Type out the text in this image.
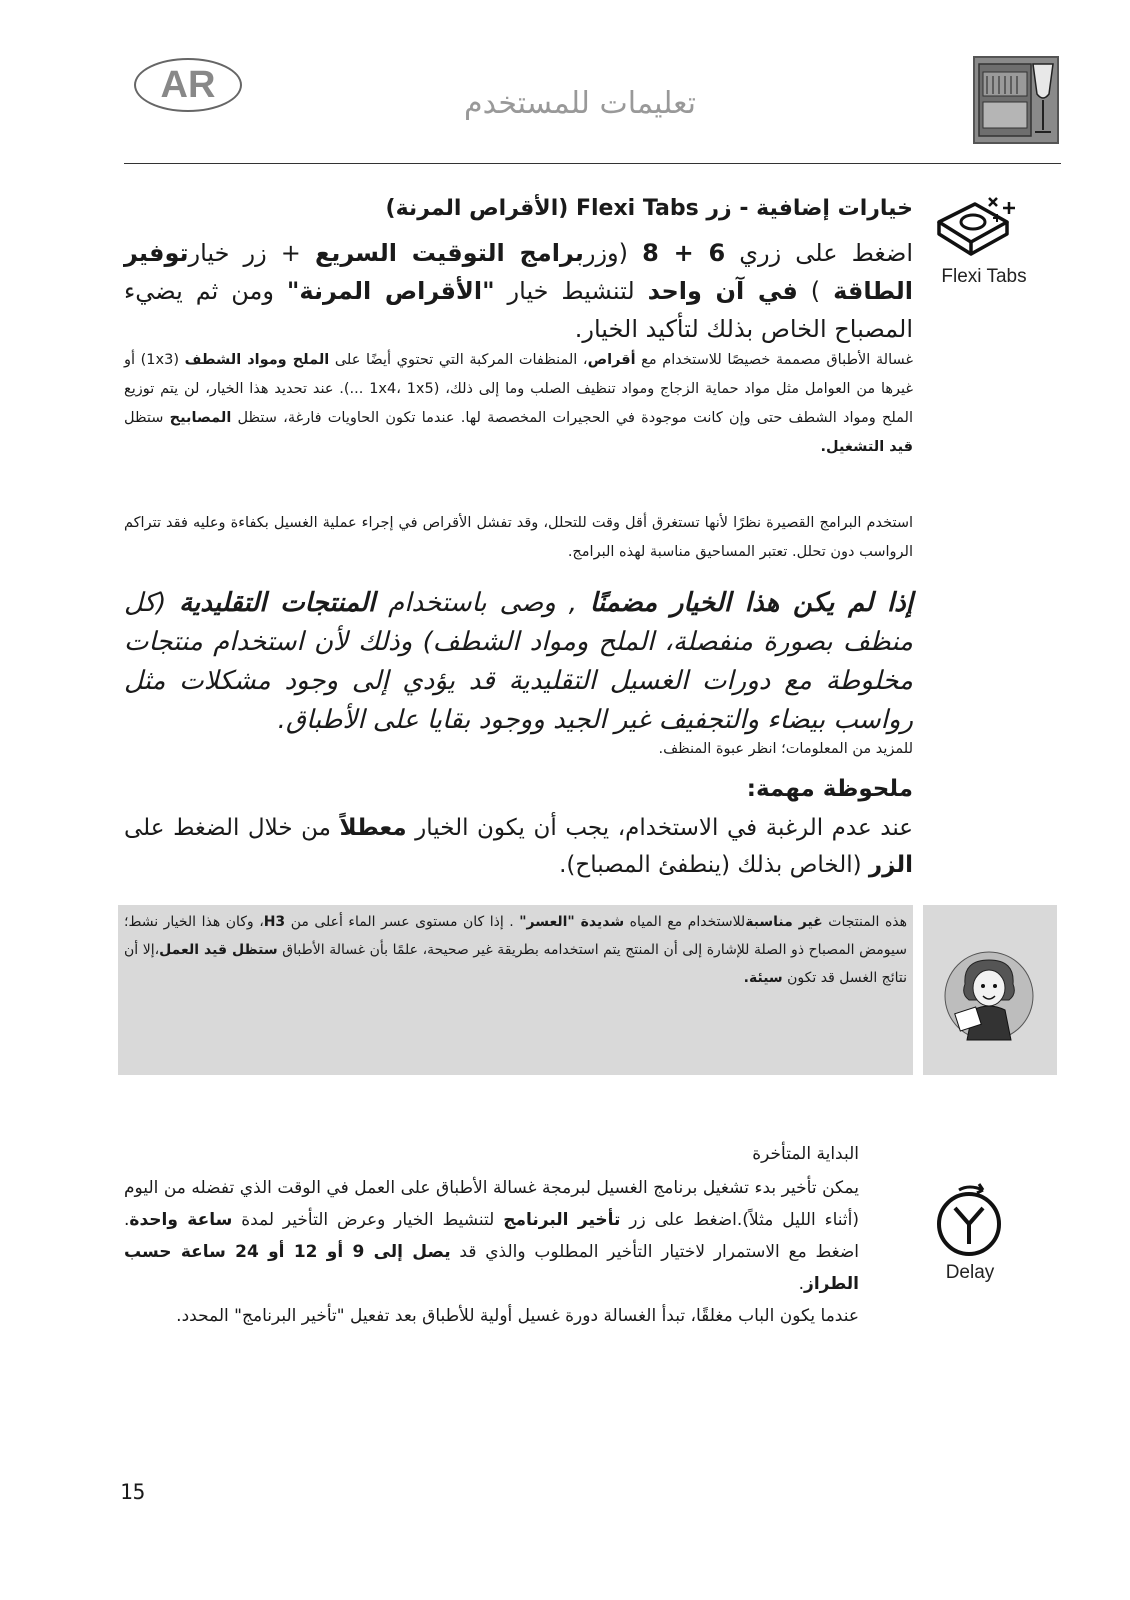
AR	تعليمات للمستخدم
Flexi Tabs
خيارات إضافية - زر Flexi Tabs (الأقراص المرنة)
اضغط على زري 6 + 8 (وزربرامج التوقيت السريع + زر خيارتوفير الطاقة ) في آن واحد لتنشيط خيار "الأقراص المرنة" ومن ثم يضيء المصباح الخاص بذلك لتأكيد الخيار.
غسالة الأطباق مصممة خصيصًا للاستخدام مع أقراص، المنظفات المركبة التي تحتوي أيضًا على الملح ومواد الشطف (1x3) أو غيرها من العوامل مثل مواد حماية الزجاج ومواد تنظيف الصلب وما إلى ذلك، (1x4، 1x5 ...). عند تحديد هذا الخيار، لن يتم توزيع الملح ومواد الشطف حتى وإن كانت موجودة في الحجيرات المخصصة لها. عندما تكون الحاويات فارغة، ستظل المصابيح ستظل قيد التشغيل.
استخدم البرامج القصيرة نظرًا لأنها تستغرق أقل وقت للتحلل، وقد تفشل الأقراص في إجراء عملية الغسيل بكفاءة وعليه فقد تتراكم الرواسب دون تحلل. تعتبر المساحيق مناسبة لهذه البرامج.
إذا لم يكن هذا الخيار مضمنًا , وصى باستخدام المنتجات التقليدية (كل منظف بصورة منفصلة، الملح ومواد الشطف) وذلك لأن استخدام منتجات مخلوطة مع دورات الغسيل التقليدية قد يؤدي إلى وجود مشكلات مثل رواسب بيضاء والتجفيف غير الجيد ووجود بقايا على الأطباق.
للمزيد من المعلومات؛ انظر عبوة المنظف.
ملحوظة مهمة:
عند عدم الرغبة في الاستخدام، يجب أن يكون الخيار معطلاً من خلال الضغط على الزر (الخاص بذلك (ينطفئ المصباح).
هذه المنتجات غير مناسبةللاستخدام مع المياه شديدة "العسر" . إذا كان مستوى عسر الماء أعلى من H3، وكان هذا الخيار نشط؛ سيومض المصباح ذو الصلة للإشارة إلى أن المنتج يتم استخدامه بطريقة غير صحيحة، علمًا بأن غسالة الأطباق ستظل قيد العمل،إلا أن نتائج الغسل قد تكون سيئة.
Delay
البداية المتأخرة
يمكن تأخير بدء تشغيل برنامج الغسيل لبرمجة غسالة الأطباق على العمل في الوقت الذي تفضله من اليوم (أثناء الليل مثلاً).اضغط على زر تأخير البرنامج لتنشيط الخيار وعرض التأخير لمدة ساعة واحدة. اضغط مع الاستمرار لاختيار التأخير المطلوب والذي قد يصل إلى 9 أو 12 أو 24 ساعة حسب الطراز.
عندما يكون الباب مغلقًا، تبدأ الغسالة دورة غسيل أولية للأطباق بعد تفعيل "تأخير البرنامج" المحدد.
15
